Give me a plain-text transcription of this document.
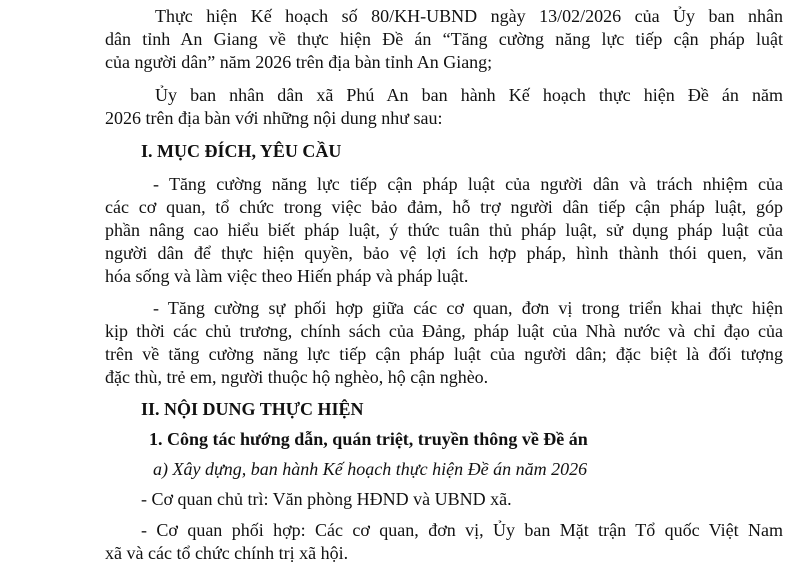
Thực hiện Kế hoạch số 80/KH-UBND ngày 13/02/2026 của Ủy ban nhân
dân tỉnh An Giang về thực hiện Đề án “Tăng cường năng lực tiếp cận pháp luật
của người dân” năm 2026 trên địa bàn tỉnh An Giang;
Ủy ban nhân dân xã Phú An ban hành Kế hoạch thực hiện Đề án năm
2026 trên địa bàn với những nội dung như sau:
I. MỤC ĐÍCH, YÊU CẦU
- Tăng cường năng lực tiếp cận pháp luật của người dân và trách nhiệm của
các cơ quan, tổ chức trong việc bảo đảm, hỗ trợ người dân tiếp cận pháp luật, góp
phần nâng cao hiểu biết pháp luật, ý thức tuân thủ pháp luật, sử dụng pháp luật của
người dân để thực hiện quyền, bảo vệ lợi ích hợp pháp, hình thành thói quen, văn
hóa sống và làm việc theo Hiến pháp và pháp luật.
- Tăng cường sự phối hợp giữa các cơ quan, đơn vị trong triển khai thực hiện
kịp thời các chủ trương, chính sách của Đảng, pháp luật của Nhà nước và chỉ đạo của
trên về tăng cường năng lực tiếp cận pháp luật của người dân; đặc biệt là đối tượng
đặc thù, trẻ em, người thuộc hộ nghèo, hộ cận nghèo.
II. NỘI DUNG THỰC HIỆN
1. Công tác hướng dẫn, quán triệt, truyền thông về Đề án
a) Xây dựng, ban hành Kế hoạch thực hiện Đề án năm 2026
- Cơ quan chủ trì: Văn phòng HĐND và UBND xã.
- Cơ quan phối hợp: Các cơ quan, đơn vị, Ủy ban Mặt trận Tổ quốc Việt Nam
xã và các tổ chức chính trị xã hội.
